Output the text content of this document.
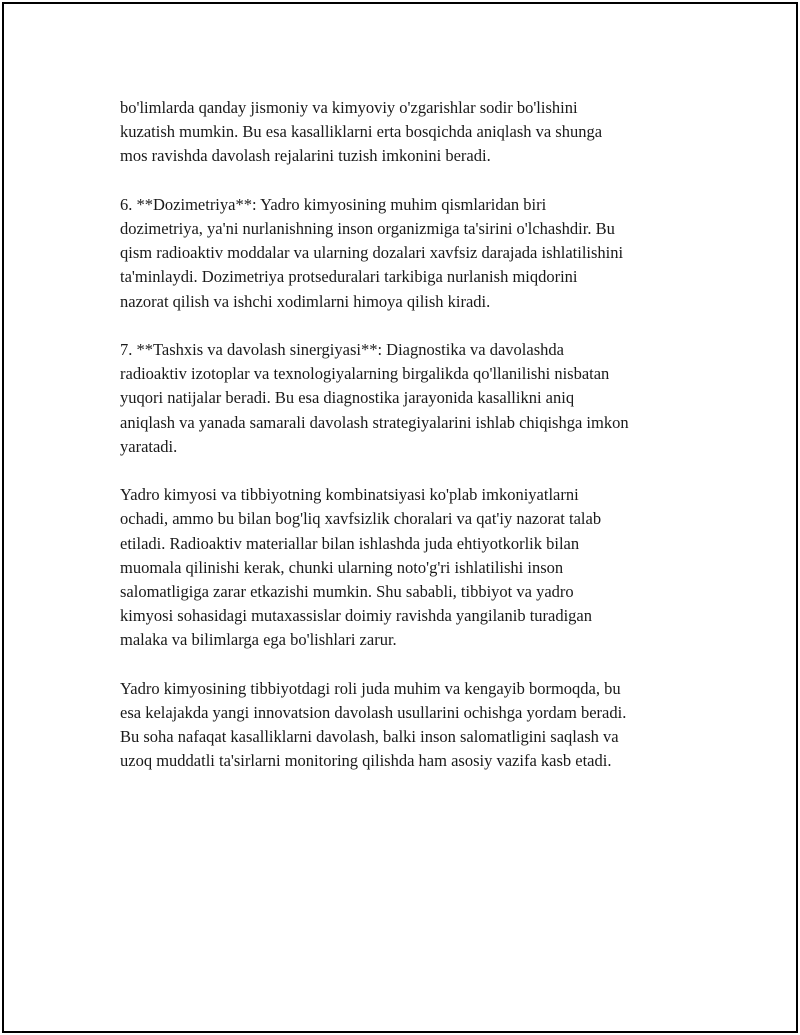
bo'limlarda qanday jismoniy va kimyoviy o'zgarishlar sodir bo'lishini
kuzatish mumkin. Bu esa kasalliklarni erta bosqichda aniqlash va shunga
mos ravishda davolash rejalarini tuzish imkonini beradi.

6. **Dozimetriya**: Yadro kimyosining muhim qismlaridan biri
dozimetriya, ya'ni nurlanishning inson organizmiga ta'sirini o'lchashdir. Bu
qism radioaktiv moddalar va ularning dozalari xavfsiz darajada ishlatilishini
ta'minlaydi. Dozimetriya protseduralari tarkibiga nurlanish miqdorini
nazorat qilish va ishchi xodimlarni himoya qilish kiradi.

7. **Tashxis va davolash sinergiyasi**: Diagnostika va davolashda
radioaktiv izotoplar va texnologiyalarning birgalikda qo'llanilishi nisbatan
yuqori natijalar beradi. Bu esa diagnostika jarayonida kasallikni aniq
aniqlash va yanada samarali davolash strategiyalarini ishlab chiqishga imkon
yaratadi.

Yadro kimyosi va tibbiyotning kombinatsiyasi ko'plab imkoniyatlarni
ochadi, ammo bu bilan bog'liq xavfsizlik choralari va qat'iy nazorat talab
etiladi. Radioaktiv materiallar bilan ishlashda juda ehtiyotkorlik bilan
muomala qilinishi kerak, chunki ularning noto'g'ri ishlatilishi inson
salomatligiga zarar etkazishi mumkin. Shu sababli, tibbiyot va yadro
kimyosi sohasidagi mutaxassislar doimiy ravishda yangilanib turadigan
malaka va bilimlarga ega bo'lishlari zarur.

Yadro kimyosining tibbiyotdagi roli juda muhim va kengayib bormoqda, bu
esa kelajakda yangi innovatsion davolash usullarini ochishga yordam beradi.
Bu soha nafaqat kasalliklarni davolash, balki inson salomatligini saqlash va
uzoq muddatli ta'sirlarni monitoring qilishda ham asosiy vazifa kasb etadi.
